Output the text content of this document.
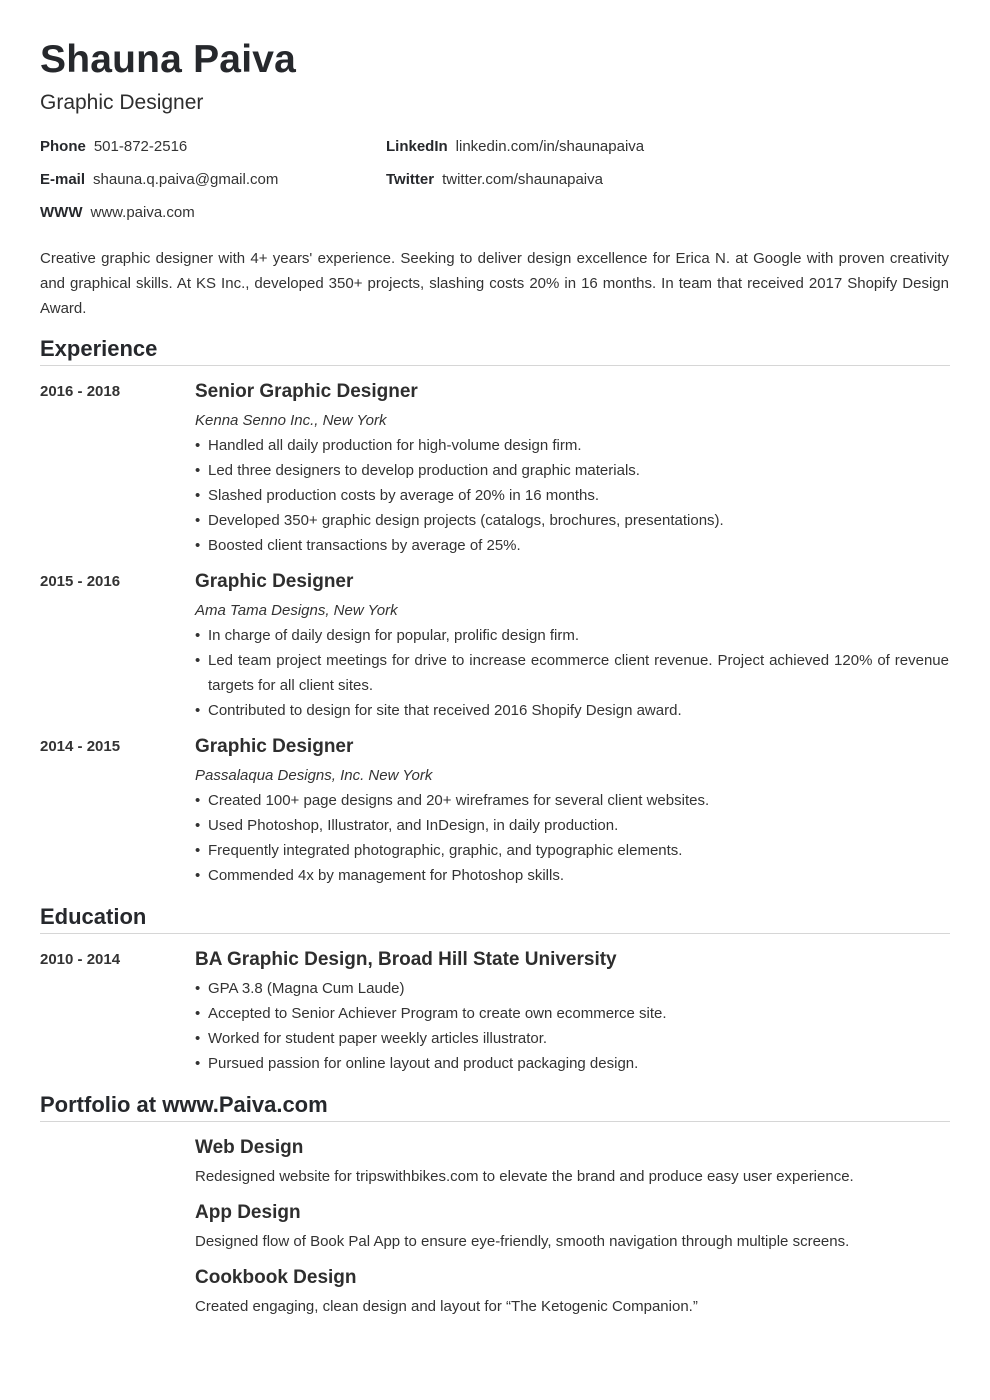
Shauna Paiva
Graphic Designer
Phone 501-872-2516	LinkedIn linkedin.com/in/shaunapaiva
E-mail shauna.q.paiva@gmail.com	Twitter twitter.com/shaunapaiva
WWW www.paiva.com

Creative graphic designer with 4+ years' experience. Seeking to deliver design excellence for Erica N. at Google with proven creativity and graphical skills. At KS Inc., developed 350+ projects, slashing costs 20% in 16 months. In team that received 2017 Shopify Design Award.

Experience
2016 - 2018	Senior Graphic Designer
Kenna Senno Inc., New York
• Handled all daily production for high-volume design firm.
• Led three designers to develop production and graphic materials.
• Slashed production costs by average of 20% in 16 months.
• Developed 350+ graphic design projects (catalogs, brochures, presentations).
• Boosted client transactions by average of 25%.
2015 - 2016	Graphic Designer
Ama Tama Designs, New York
• In charge of daily design for popular, prolific design firm.
• Led team project meetings for drive to increase ecommerce client revenue. Project achieved 120% of revenue targets for all client sites.
• Contributed to design for site that received 2016 Shopify Design award.
2014 - 2015	Graphic Designer
Passalaqua Designs, Inc. New York
• Created 100+ page designs and 20+ wireframes for several client websites.
• Used Photoshop, Illustrator, and InDesign, in daily production.
• Frequently integrated photographic, graphic, and typographic elements.
• Commended 4x by management for Photoshop skills.
Education
2010 - 2014	BA Graphic Design, Broad Hill State University
• GPA 3.8 (Magna Cum Laude)
• Accepted to Senior Achiever Program to create own ecommerce site.
• Worked for student paper weekly articles illustrator.
• Pursued passion for online layout and product packaging design.
Portfolio at www.Paiva.com
Web Design
Redesigned website for tripswithbikes.com to elevate the brand and produce easy user experience.
App Design
Designed flow of Book Pal App to ensure eye-friendly, smooth navigation through multiple screens.
Cookbook Design
Created engaging, clean design and layout for “The Ketogenic Companion.”
